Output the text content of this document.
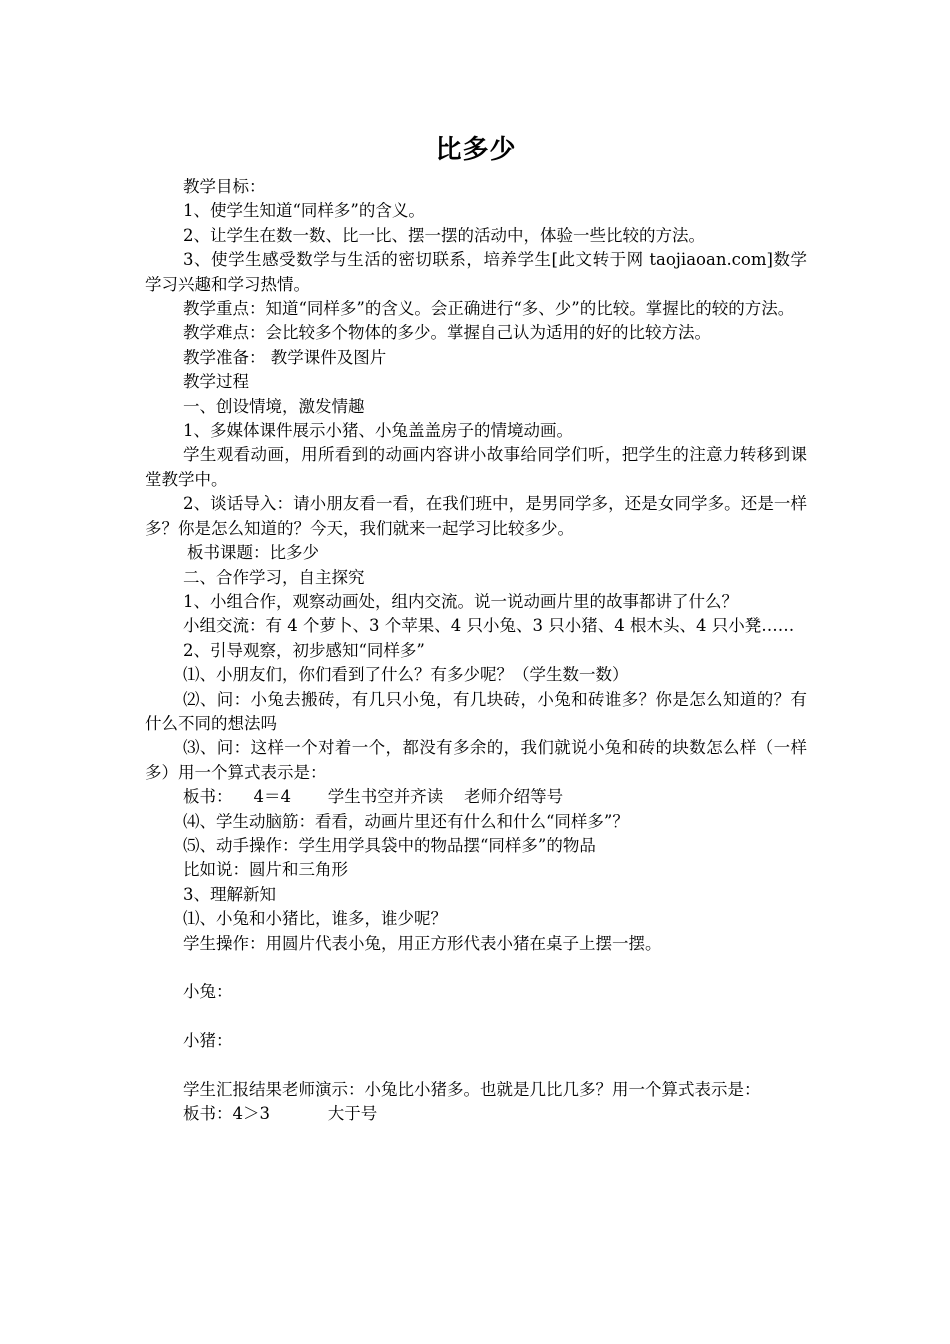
比多少

教学目标：

1、使学生知道“同样多”的含义。

2、让学生在数一数、比一比、摆一摆的活动中，体验一些比较的方法。

3、使学生感受数学与生活的密切联系，培养学生[此文转于网 taojiaoan.com]数学学习兴趣和学习热情。

教学重点：知道“同样多”的含义。会正确进行“多、少”的比较。掌握比的较的方法。

教学难点：会比较多个物体的多少。掌握自己认为适用的好的比较方法。

教学准备： 教学课件及图片

教学过程

一、创设情境，激发情趣

1、多媒体课件展示小猪、小兔盖盖房子的情境动画。

学生观看动画，用所看到的动画内容讲小故事给同学们听，把学生的注意力转移到课堂教学中。

2、谈话导入：请小朋友看一看，在我们班中，是男同学多，还是女同学多。还是一样多？你是怎么知道的？今天，我们就来一起学习比较多少。

板书课题：比多少

二、合作学习，自主探究

1、小组合作，观察动画处，组内交流。说一说动画片里的故事都讲了什么？

小组交流：有 4 个萝卜、3 个苹果、4 只小兔、3 只小猪、4 根木头、4 只小凳……

2、引导观察，初步感知“同样多”

⑴、小朋友们，你们看到了什么？有多少呢？（学生数一数）

⑵、问：小兔去搬砖，有几只小兔，有几块砖，小兔和砖谁多？你是怎么知道的？有什么不同的想法吗

⑶、问：这样一个对着一个，都没有多余的，我们就说小兔和砖的块数怎么样（一样多）用一个算式表示是：

板书：    4＝4       学生书空并齐读    老师介绍等号

⑷、学生动脑筋：看看，动画片里还有什么和什么“同样多”？

⑸、动手操作：学生用学具袋中的物品摆“同样多”的物品

比如说：圆片和三角形

3、理解新知

⑴、小兔和小猪比，谁多，谁少呢？

学生操作：用圆片代表小兔，用正方形代表小猪在桌子上摆一摆。

小兔：

小猪：

学生汇报结果老师演示：小兔比小猪多。也就是几比几多？用一个算式表示是：

板书：4＞3           大于号
